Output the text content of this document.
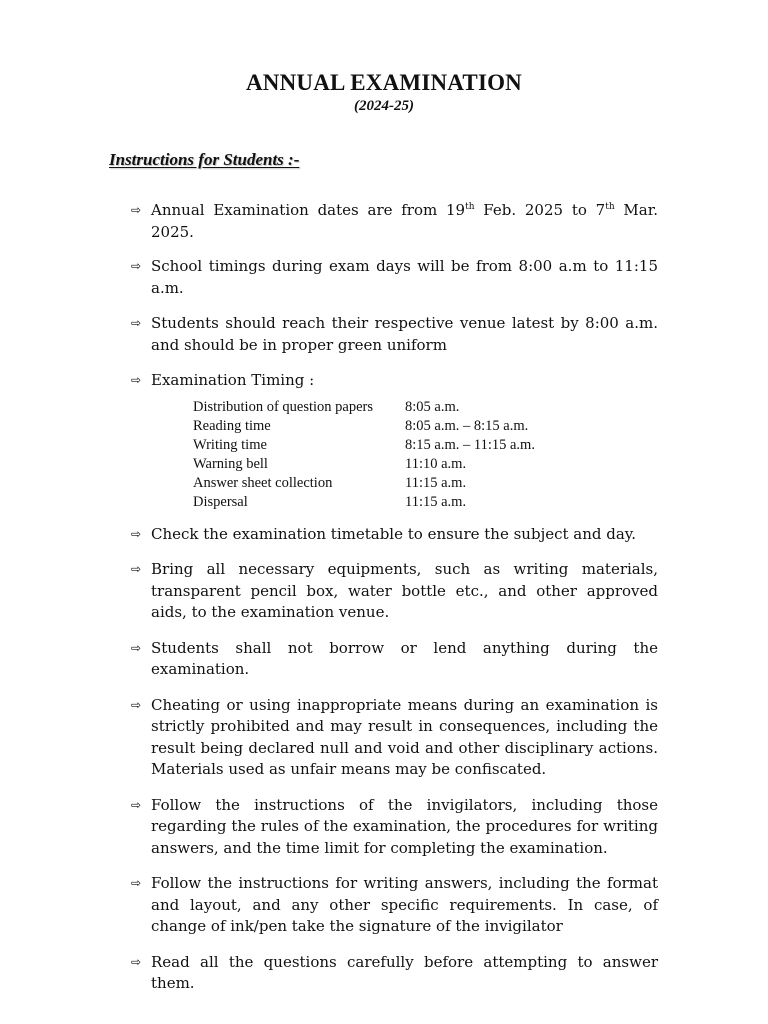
ANNUAL EXAMINATION
(2024-25)
Instructions for Students :-
⇨ Annual Examination dates are from 19th Feb. 2025 to 7th Mar. 2025.
⇨ School timings during exam days will be from 8:00 a.m to 11:15 a.m.
⇨ Students should reach their respective venue latest by 8:00 a.m. and should be in proper green uniform
⇨ Examination Timing :
Distribution of question papers	8:05 a.m.
Reading time	8:05 a.m. – 8:15 a.m.
Writing time	8:15 a.m. – 11:15 a.m.
Warning bell	11:10 a.m.
Answer sheet collection	11:15 a.m.
Dispersal	11:15 a.m.
⇨ Check the examination timetable to ensure the subject and day.
⇨ Bring all necessary equipments, such as writing materials, transparent pencil box, water bottle etc., and other approved aids, to the examination venue.
⇨ Students shall not borrow or lend anything during the examination.
⇨ Cheating or using inappropriate means during an examination is strictly prohibited and may result in consequences, including the result being declared null and void and other disciplinary actions. Materials used as unfair means may be confiscated.
⇨ Follow the instructions of the invigilators, including those regarding the rules of the examination, the procedures for writing answers, and the time limit for completing the examination.
⇨ Follow the instructions for writing answers, including the format and layout, and any other specific requirements. In case, of change of ink/pen take the signature of the invigilator
⇨ Read all the questions carefully before attempting to answer them.
